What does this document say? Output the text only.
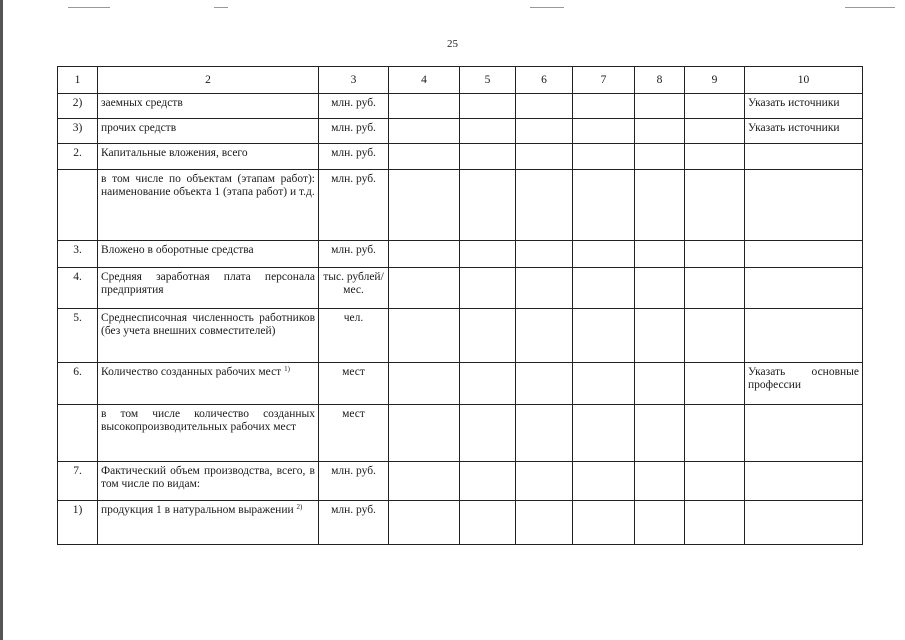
25
1	2	3	4	5	6	7	8	9	10
2)	заемных средств	млн. руб.							Указать источники
3)	прочих средств	млн. руб.							Указать источники
2.	Капитальные вложения, всего	млн. руб.							
	в том числе по объектам (этапам работ): наименование объекта 1 (этапа работ) и т.д.	млн. руб.							
3.	Вложено в оборотные средства	млн. руб.							
4.	Средняя заработная плата персонала предприятия	тыс. рублей/мес.							
5.	Среднесписочная численность работников (без учета внешних совместителей)	чел.							
6.	Количество созданных рабочих мест $^{1)}$	мест							Указать основные профессии
	в том числе количество созданных высокопроизводительных рабочих мест	мест							
7.	Фактический объем производства, всего, в том числе по видам:	млн. руб.							
1)	продукция 1 в натуральном выражении $^{2)}$	млн. руб.							
